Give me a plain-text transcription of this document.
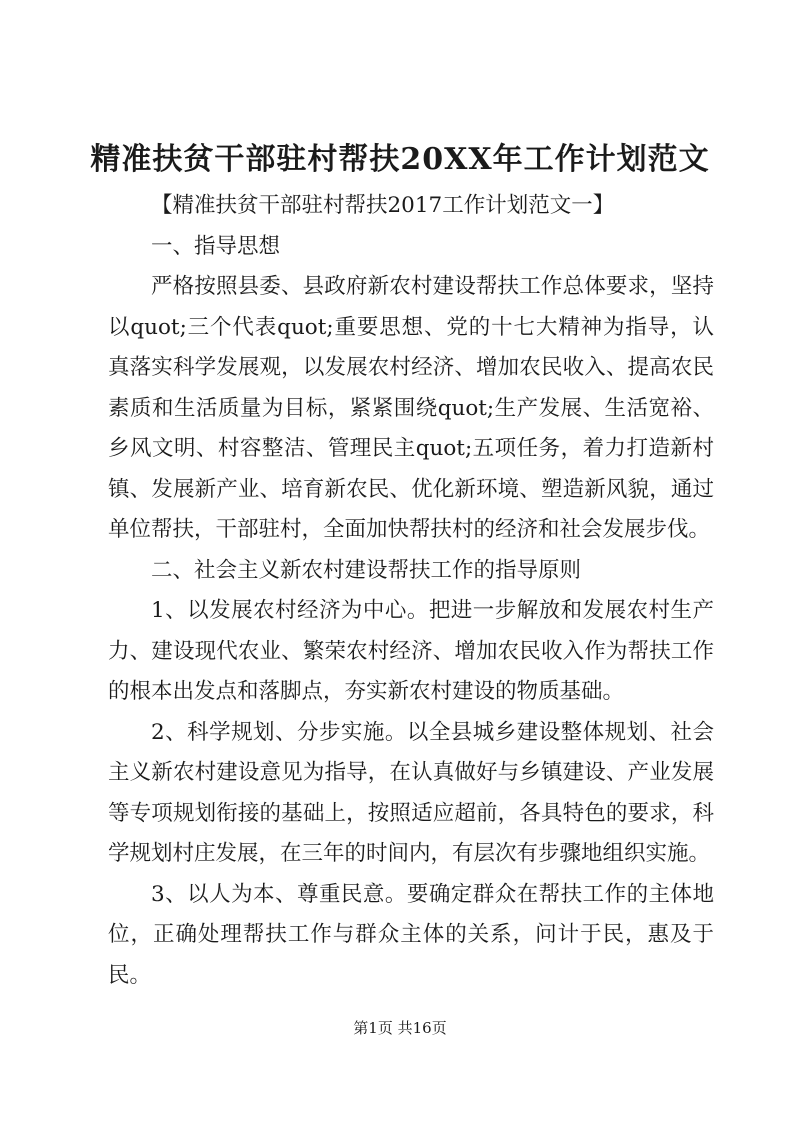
精准扶贫干部驻村帮扶20XX年工作计划范文

【精准扶贫干部驻村帮扶2017工作计划范文一】

一、指导思想

严格按照县委、县政府新农村建设帮扶工作总体要求，坚持以quot;三个代表quot;重要思想、党的十七大精神为指导，认真落实科学发展观，以发展农村经济、增加农民收入、提高农民素质和生活质量为目标，紧紧围绕quot;生产发展、生活宽裕、乡风文明、村容整洁、管理民主quot;五项任务，着力打造新村镇、发展新产业、培育新农民、优化新环境、塑造新风貌，通过单位帮扶，干部驻村，全面加快帮扶村的经济和社会发展步伐。

二、社会主义新农村建设帮扶工作的指导原则

1、以发展农村经济为中心。把进一步解放和发展农村生产力、建设现代农业、繁荣农村经济、增加农民收入作为帮扶工作的根本出发点和落脚点，夯实新农村建设的物质基础。

2、科学规划、分步实施。以全县城乡建设整体规划、社会主义新农村建设意见为指导，在认真做好与乡镇建设、产业发展等专项规划衔接的基础上，按照适应超前，各具特色的要求，科学规划村庄发展，在三年的时间内，有层次有步骤地组织实施。

3、以人为本、尊重民意。要确定群众在帮扶工作的主体地位，正确处理帮扶工作与群众主体的关系，问计于民，惠及于民。

第1页 共16页
